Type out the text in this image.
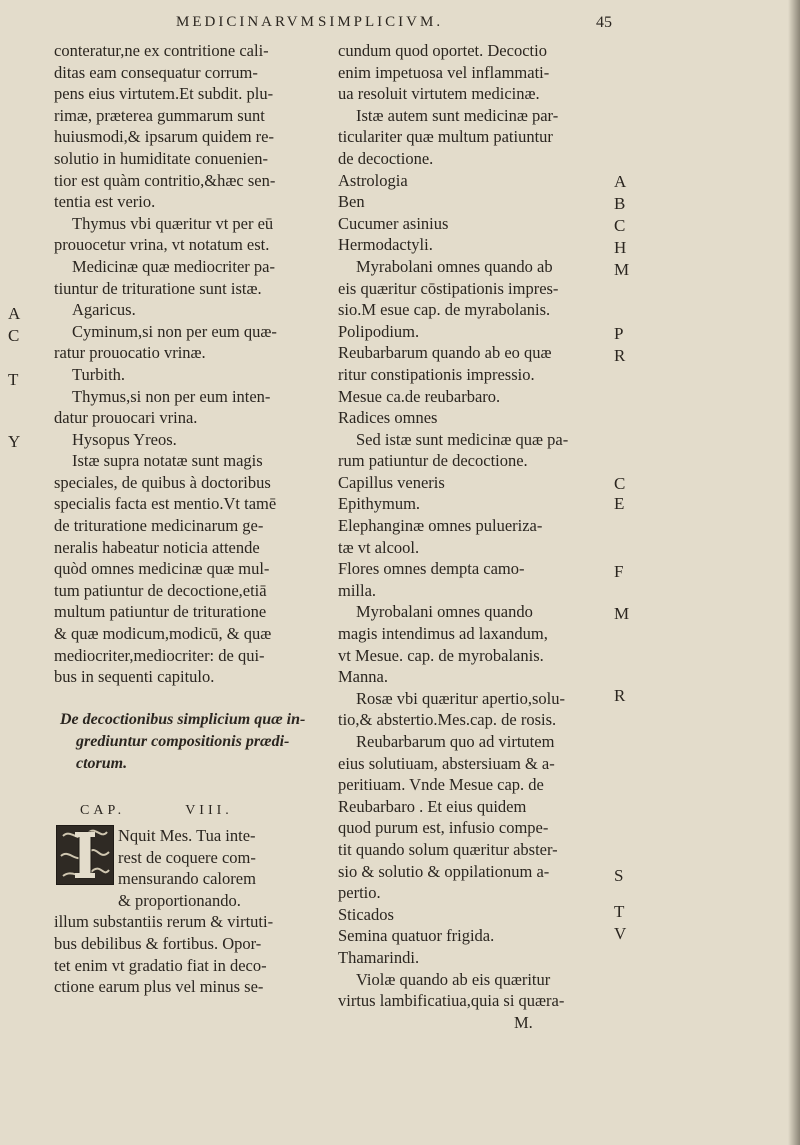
MEDICINARVM SIMPLICIVM.	45
conteratur,ne ex contritione cali-
ditas eam consequatur corrum-
pens eius virtutem.Et subdit. plu-
rimæ, præterea gummarum sunt
huiusmodi,& ipsarum quidem re-
solutio in humiditate conuenien-
tior est quàm contritio,&hæc sen-
tentia est verio.
Thymus vbi quæritur vt per eū
prouocetur vrina, vt notatum est.
Medicinæ quæ mediocriter pa-
tiuntur de trituratione sunt istæ.
Agaricus.
Cyminum,si non per eum quæ-
ratur prouocatio vrinæ.
Turbith.
Thymus,si non per eum inten-
datur prouocari vrina.
Hysopus Yreos.
Istæ supra notatæ sunt magis
speciales, de quibus à doctoribus
specialis facta est mentio.Vt tamē
de trituratione medicinarum ge-
neralis habeatur noticia attende
quòd omnes medicinæ quæ mul-
tum patiuntur de decoctione,etiā
multum patiuntur de trituratione
& quæ modicum,modicū, & quæ
mediocriter,mediocriter: de qui-
bus in sequenti capitulo.
De decoctionibus simplicium quæ in-
grediuntur compositionis prædi-
ctorum.
CAP.	VIII.
Nquit Mes. Tua inte-
rest de coquere com-
mensurando calorem
& proportionando.
illum substantiis rerum & virtuti-
bus debilibus & fortibus. Opor-
tet enim vt gradatio fiat in deco-
ctione earum plus vel minus se-
cundum quod oportet. Decoctio
enim impetuosa vel inflammati-
ua resoluit virtutem medicinæ.
Istæ autem sunt medicinæ par-
ticulariter quæ multum patiuntur
de decoctione.
Astrologia
Ben
Cucumer asinius
Hermodactyli.
Myrabolani omnes quando ab
eis quæritur cōstipationis impres-
sio.M esue cap. de myrabolanis.
Polipodium.
Reubarbarum quando ab eo quæ
ritur constipationis impressio.
Mesue ca.de reubarbaro.
Radices omnes
Sed istæ sunt medicinæ quæ pa-
rum patiuntur de decoctione.
Capillus veneris
Epithymum.
Elephanginæ omnes pulueriza-
tæ vt alcool.
Flores omnes dempta camo-
milla.
Myrobalani omnes quando
magis intendimus ad laxandum,
vt Mesue. cap. de myrobalanis.
Manna.
Rosæ vbi quæritur apertio,solu-
tio,& abstertio.Mes.cap. de rosis.
Reubarbarum quo ad virtutem
eius solutiuam, abstersiuam & a-
peritiuam. Vnde Mesue cap. de
Reubarbaro . Et eius quidem
quod purum est, infusio compe-
tit quando solum quæritur abster-
sio & solutio & oppilationum a-
pertio.
Sticados
Semina quatuor frigida.
Thamarindi.
Violæ quando ab eis quæritur
virtus lambificatiua,quia si quæra-
M.
A
C
T
Y
A
B
C
H
M
P
R
C
E
F
M
R
S
T
V
